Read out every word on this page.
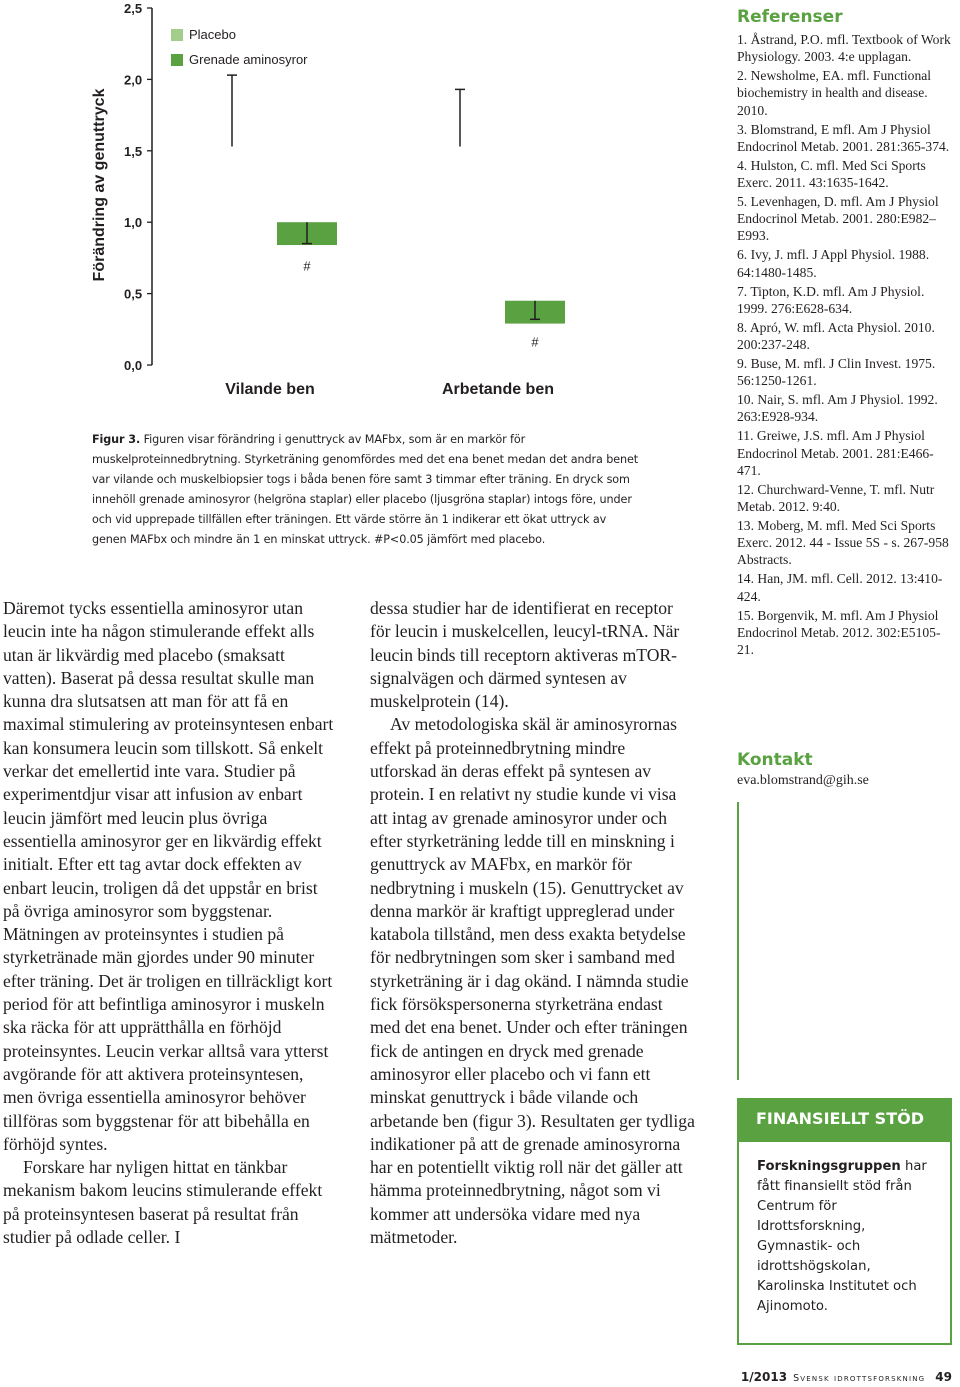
0,0
0,5
1,0
1,5
2,0
2,5
Förändring av genuttryck	#
Vilande ben
#
Arbetande ben
Placebo
Grenade aminosyror
Figur 3. Figuren visar förändring i genuttryck av MAFbx, som är en markör för muskelproteinnedbrytning. Styrketräning genomfördes med det ena benet medan det andra benet var vilande och muskelbiopsier togs i båda benen före samt 3 timmar efter träning. En dryck som innehöll grenade aminosyror (helgröna staplar) eller placebo (ljusgröna staplar) intogs före, under och vid upprepade tillfällen efter träningen. Ett värde större än 1 indikerar ett ökat uttryck av genen MAFbx och mindre än 1 en minskat uttryck. #P<0.05 jämfört med placebo.

Däremot tycks essentiella aminosyror utan leucin inte ha någon stimulerande effekt alls utan är likvärdig med placebo (smaksatt vatten). Baserat på dessa resultat skulle man kunna dra slutsatsen att man för att få en maximal stimulering av proteinsyntesen enbart kan konsumera leucin som tillskott. Så enkelt verkar det emellertid inte vara. Studier på experimentdjur visar att infusion av enbart leucin jämfört med leucin plus övriga essentiella aminosyror ger en likvärdig effekt initialt. Efter ett tag avtar dock effekten av enbart leucin, troligen då det uppstår en brist på övriga aminosyror som byggstenar. Mätningen av proteinsyntes i studien på styrketränade män gjordes under 90 minuter efter träning. Det är troligen en tillräckligt kort period för att befintliga aminosyror i muskeln ska räcka för att upprätthålla en förhöjd proteinsyntes. Leucin verkar alltså vara ytterst avgörande för att aktivera proteinsyntesen, men övriga essentiella aminosyror behöver tillföras som byggstenar för att bibehålla en förhöjd syntes.

Forskare har nyligen hittat en tänkbar mekanism bakom leucins stimulerande effekt på proteinsyntesen baserat på resultat från studier på odlade celler. I

dessa studier har de identifierat en receptor för leucin i muskelcellen, leucyl-tRNA. När leucin binds till receptorn aktiveras mTOR-signalvägen och därmed syntesen av muskelprotein (14).

Av metodologiska skäl är aminosyrornas effekt på proteinnedbrytning mindre utforskad än deras effekt på syntesen av protein. I en relativt ny studie kunde vi visa att intag av grenade aminosyror under och efter styrketräning ledde till en minskning i genuttryck av MAFbx, en markör för nedbrytning i muskeln (15). Genuttrycket av denna markör är kraftigt uppreglerad under katabola tillstånd, men dess exakta betydelse för nedbrytningen som sker i samband med styrketräning är i dag okänd. I nämnda studie fick försökspersonerna styrketräna endast med det ena benet. Under och efter träningen fick de antingen en dryck med grenade aminosyror eller placebo och vi fann ett minskat genuttryck i både vilande och arbetande ben (figur 3). Resultaten ger tydliga indikationer på att de grenade aminosyrorna har en potentiellt viktig roll när det gäller att hämma proteinnedbrytning, något som vi kommer att undersöka vidare med nya mätmetoder.

Referenser
1. Åstrand, P.O. mfl. Textbook of Work Physiology. 2003. 4:e upplagan.
2. Newsholme, EA. mfl. Functional biochemistry in health and disease. 2010.
3. Blomstrand, E mfl. Am J Physiol Endocrinol Metab. 2001. 281:365-374.
4. Hulston, C. mfl. Med Sci Sports Exerc. 2011. 43:1635-1642.
5. Levenhagen, D. mfl. Am J Physiol Endocrinol Metab. 2001. 280:E982–E993.
6. Ivy, J. mfl. J Appl Physiol. 1988. 64:1480-1485.
7. Tipton, K.D. mfl. Am J Physiol. 1999. 276:E628-634.
8. Apró, W. mfl. Acta Physiol. 2010. 200:237-248.
9. Buse, M. mfl. J Clin Invest. 1975. 56:1250-1261.
10. Nair, S. mfl. Am J Physiol. 1992. 263:E928-934.
11. Greiwe, J.S. mfl. Am J Physiol Endocrinol Metab. 2001. 281:E466-471.
12. Churchward-Venne, T. mfl. Nutr Metab. 2012. 9:40.
13. Moberg, M. mfl. Med Sci Sports Exerc. 2012. 44 - Issue 5S - s. 267-958 Abstracts.
14. Han, JM. mfl. Cell. 2012. 13:410-424.
15. Borgenvik, M. mfl. Am J Physiol Endocrinol Metab. 2012. 302:E5105-21.
Kontakt
eva.blomstrand@gih.se
FINANSIELLT STÖD
Forskningsgruppen har fått finansiellt stöd från Centrum för Idrottsforskning, Gymnastik- och idrottshögskolan, Karolinska Institutet och Ajinomoto.
1/2013 Svensk idrottsforskning 49
